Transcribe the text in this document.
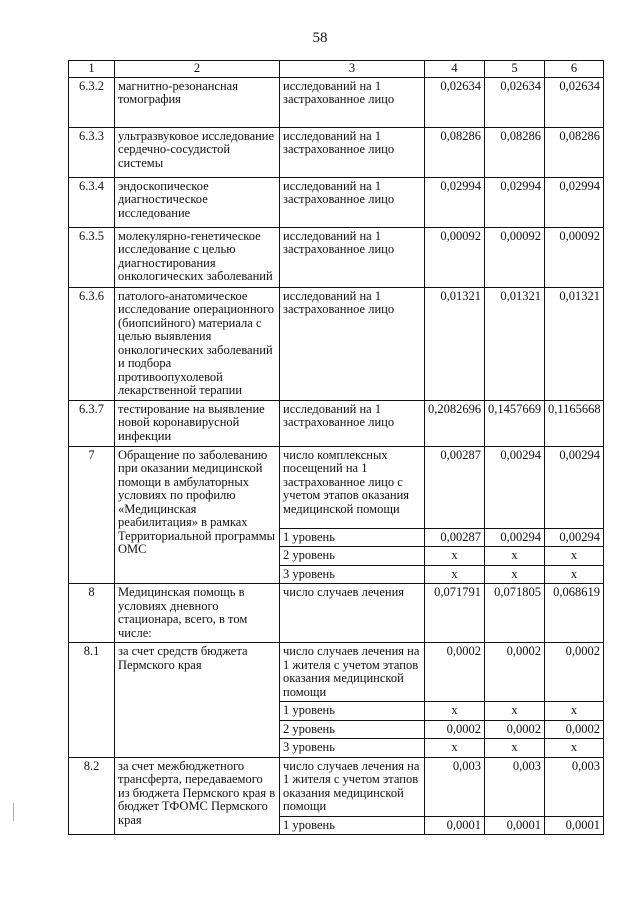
58
1	2	3	4	5	6
6.3.2	магнитно-резонансная томография	исследований на 1 застрахованное лицо	0,02634	0,02634	0,02634
6.3.3	ультразвуковое исследование сердечно-сосудистой системы	исследований на 1 застрахованное лицо	0,08286	0,08286	0,08286
6.3.4	эндоскопическое диагностическое исследование	исследований на 1 застрахованное лицо	0,02994	0,02994	0,02994
6.3.5	молекулярно-генетическое исследование с целью диагностирования онкологических заболеваний	исследований на 1 застрахованное лицо	0,00092	0,00092	0,00092
6.3.6	патолого-анатомическое исследование операционного (биопсийного) материала с целью выявления онкологических заболеваний и подбора противоопухолевой лекарственной терапии	исследований на 1 застрахованное лицо	0,01321	0,01321	0,01321
6.3.7	тестирование на выявление новой коронавирусной инфекции	исследований на 1 застрахованное лицо	0,2082696	0,1457669	0,1165668
7	Обращение по заболеванию при оказании медицинской помощи в амбулаторных условиях по профилю «Медицинская реабилитация» в рамках Территориальной программы ОМС	число комплексных посещений на 1 застрахованное лицо с учетом этапов оказания медицинской помощи	0,00287	0,00294	0,00294
		1 уровень	0,00287	0,00294	0,00294
		2 уровень	х	х	х
		3 уровень	х	х	х
8	Медицинская помощь в условиях дневного стационара, всего, в том числе:	число случаев лечения	0,071791	0,071805	0,068619
8.1	за счет средств бюджета Пермского края	число случаев лечения на 1 жителя с учетом этапов оказания медицинской помощи	0,0002	0,0002	0,0002
		1 уровень	х	х	х
		2 уровень	0,0002	0,0002	0,0002
		3 уровень	х	х	х
8.2	за счет межбюджетного трансферта, передаваемого из бюджета Пермского края в бюджет ТФОМС Пермского края	число случаев лечения на 1 жителя с учетом этапов оказания медицинской помощи	0,003	0,003	0,003
		1 уровень	0,0001	0,0001	0,0001
